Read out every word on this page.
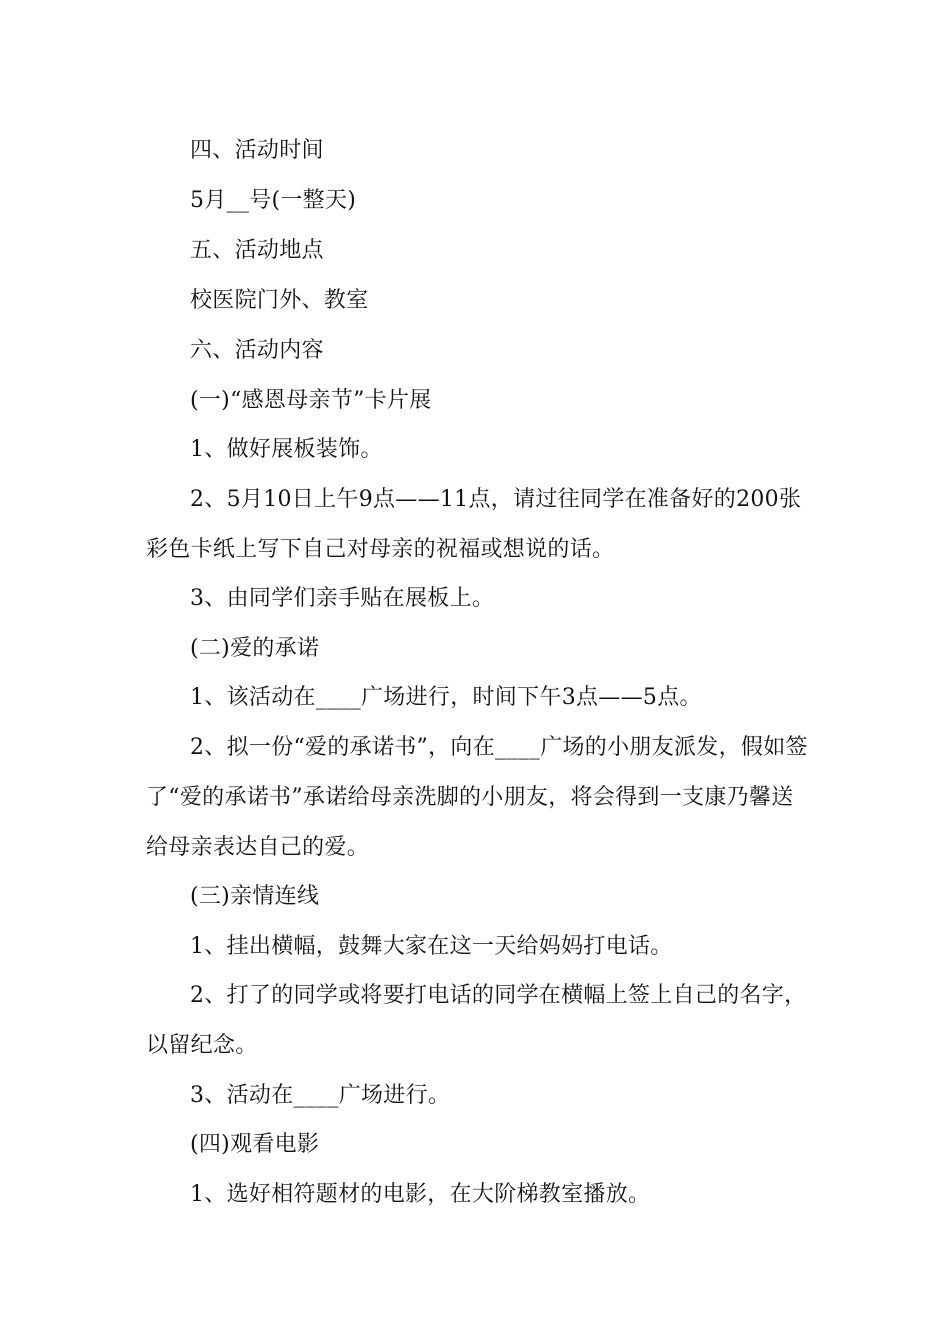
四、活动时间

5月__号(一整天)

五、活动地点

校医院门外、教室

六、活动内容

(一)“感恩母亲节”卡片展

1、做好展板装饰。

2、5月10日上午9点——11点，请过往同学在准备好的200张彩色卡纸上写下自己对母亲的祝福或想说的话。

3、由同学们亲手贴在展板上。

(二)爱的承诺

1、该活动在____广场进行，时间下午3点——5点。

2、拟一份“爱的承诺书”，向在____广场的小朋友派发，假如签了“爱的承诺书”承诺给母亲洗脚的小朋友，将会得到一支康乃馨送给母亲表达自己的爱。

(三)亲情连线

1、挂出横幅，鼓舞大家在这一天给妈妈打电话。

2、打了的同学或将要打电话的同学在横幅上签上自己的名字，以留纪念。

3、活动在____广场进行。

(四)观看电影

1、选好相符题材的电影，在大阶梯教室播放。
